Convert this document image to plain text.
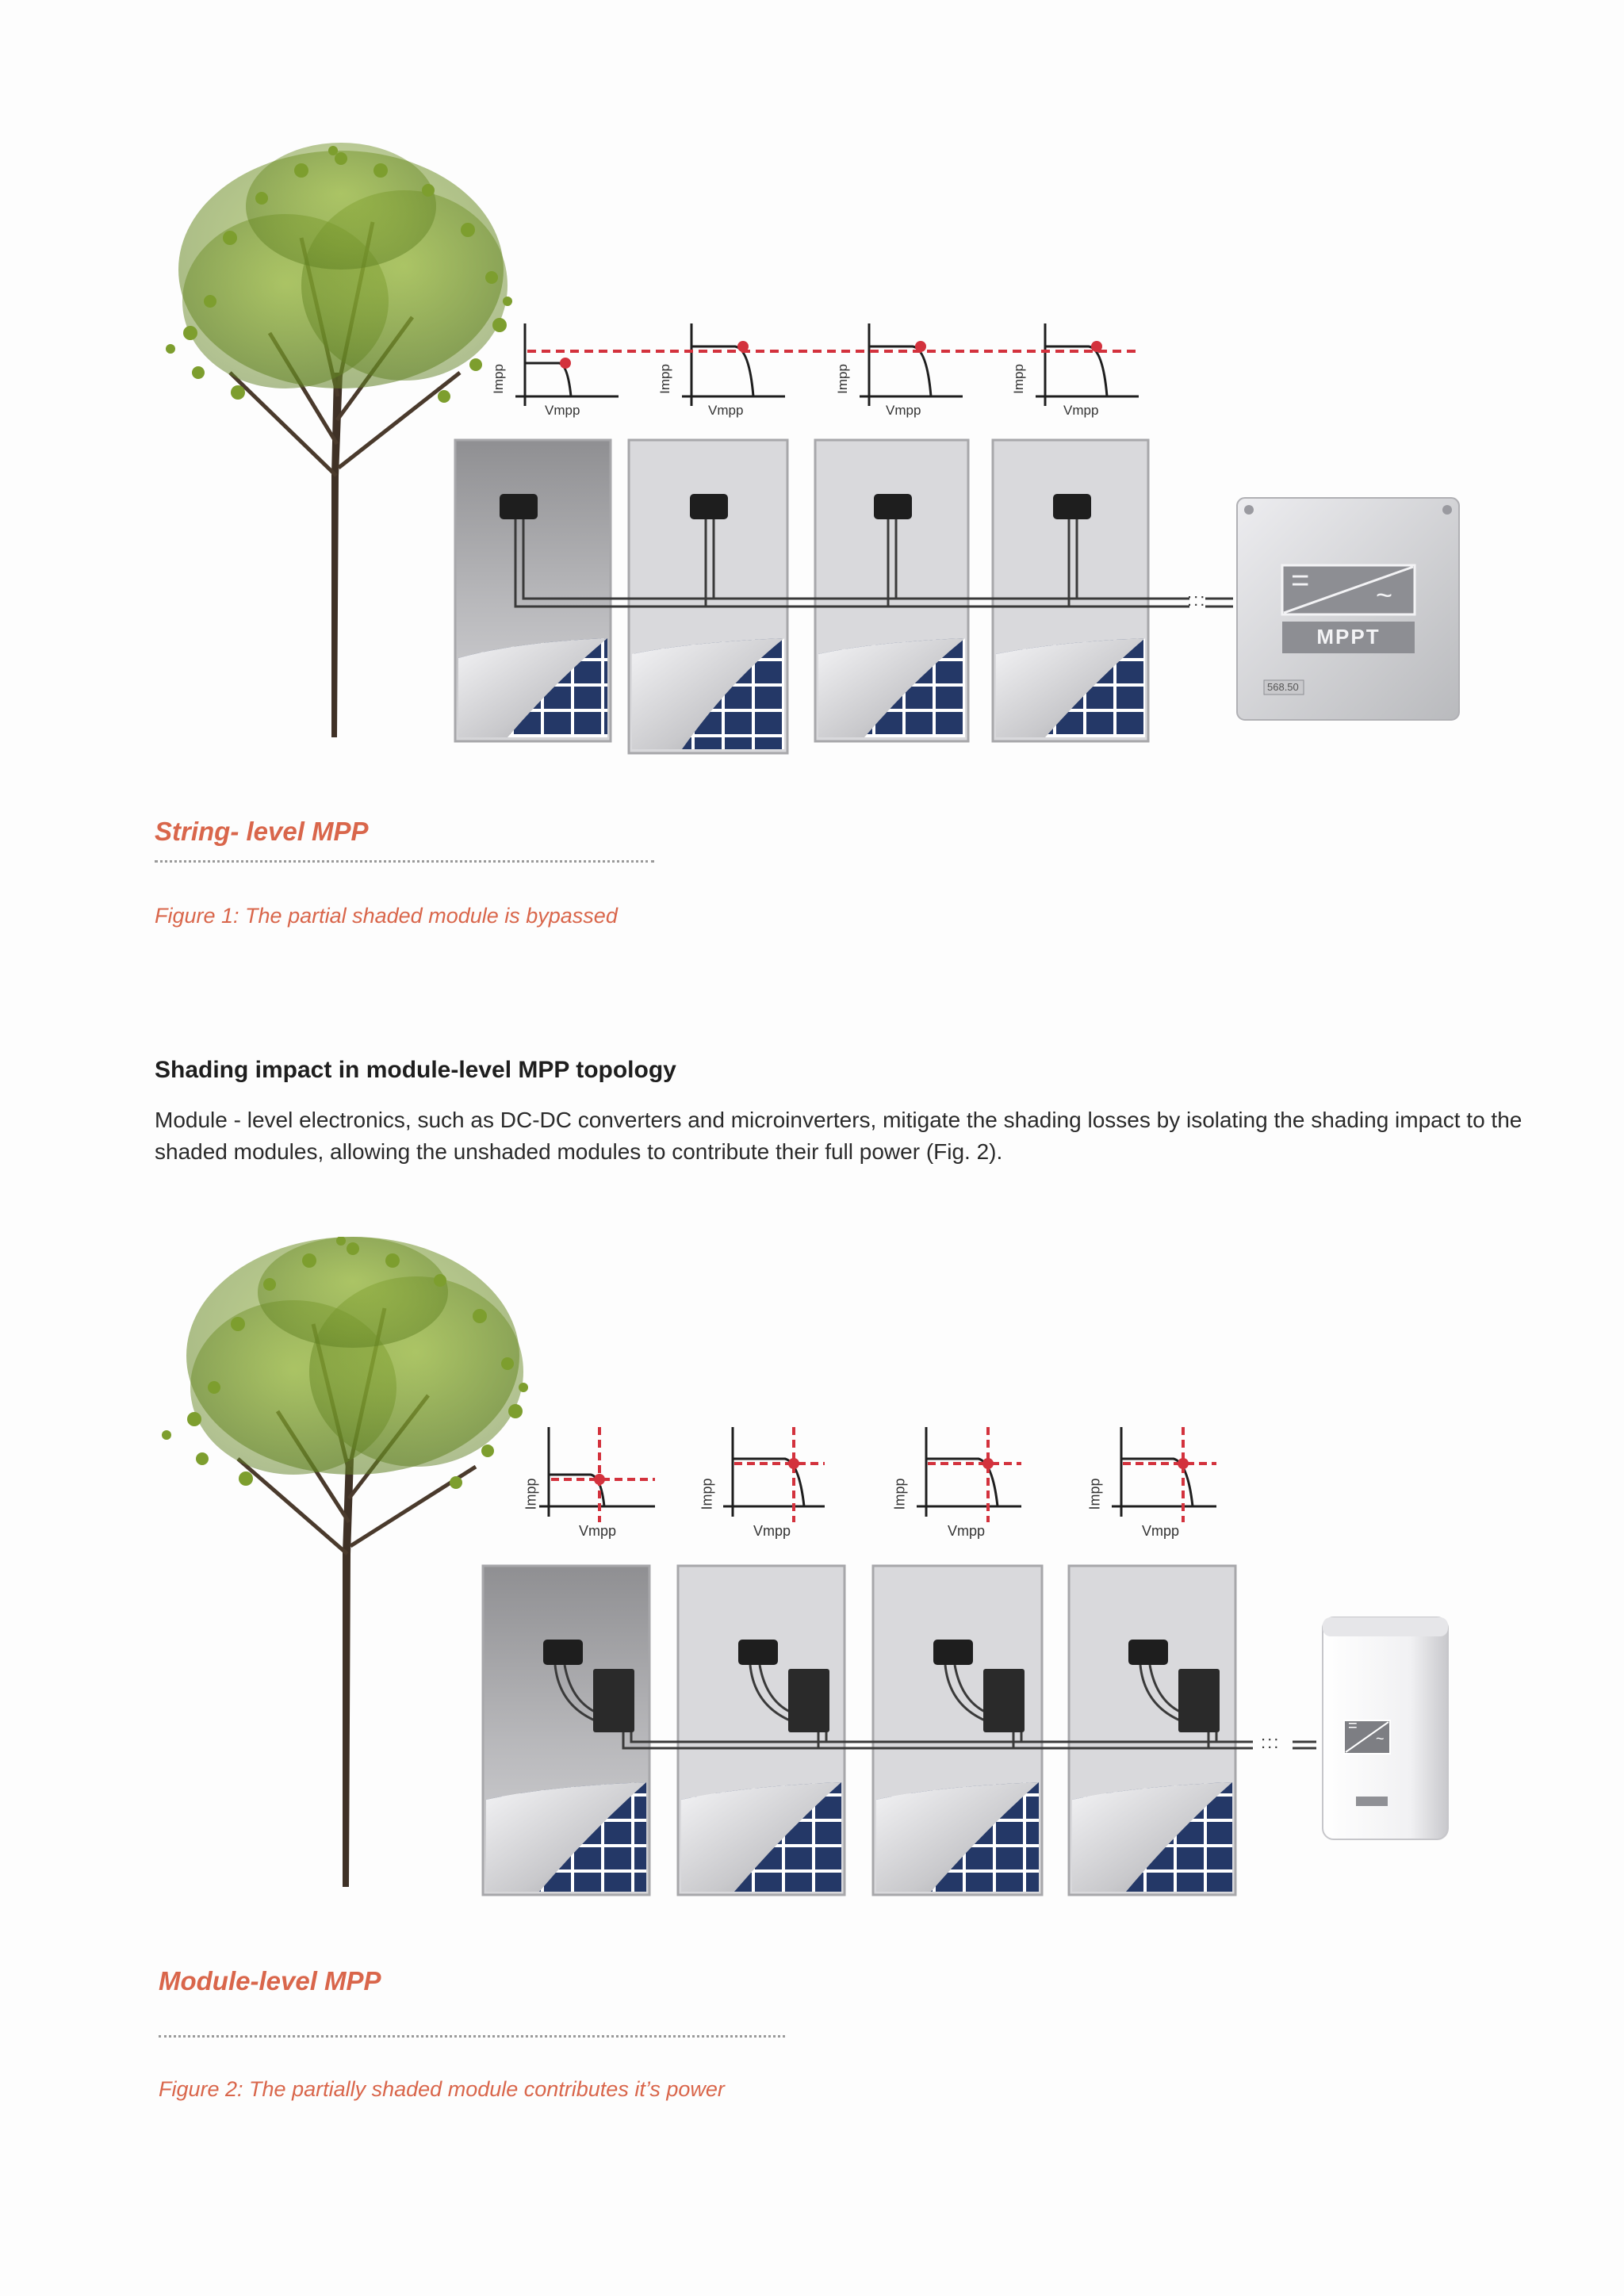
= ~
MPPT
568.50
:::
Impp
Vmpp
Impp
Vmpp
Impp
Vmpp
Impp
Vmpp
String- level MPP
Figure 1: The partial shaded module is bypassed
Shading impact in module-level MPP topology
Module - level electronics, such as DC-DC converters and microinverters, mitigate the shading losses by isolating the shading impact to the shaded modules, allowing the unshaded modules to contribute their full power (Fig. 2).
=
~
:::
Impp
Vmpp
Impp
Vmpp
Impp
Vmpp
Impp
Vmpp
Module-level MPP
Figure 2: The partially shaded module contributes it’s power
